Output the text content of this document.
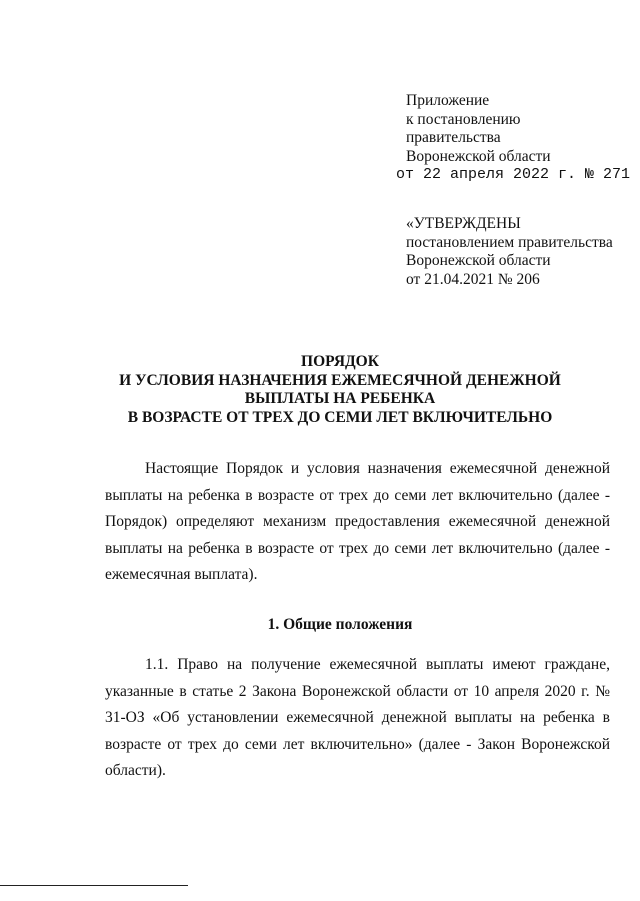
Приложение
к постановлению
правительства
Воронежской области
от 22 апреля 2022 г. № 271
«УТВЕРЖДЕНЫ
постановлением правительства
Воронежской области
от 21.04.2021 № 206
ПОРЯДОК
И УСЛОВИЯ НАЗНАЧЕНИЯ ЕЖЕМЕСЯЧНОЙ ДЕНЕЖНОЙ
ВЫПЛАТЫ НА РЕБЕНКА
В ВОЗРАСТЕ ОТ ТРЕХ ДО СЕМИ ЛЕТ ВКЛЮЧИТЕЛЬНО

Настоящие Порядок и условия назначения ежемесячной денежной выплаты на ребенка в возрасте от трех до семи лет включительно (далее - Порядок) определяют механизм предоставления ежемесячной денежной выплаты на ребенка в возрасте от трех до семи лет включительно (далее - ежемесячная выплата).

1. Общие положения

1.1. Право на получение ежемесячной выплаты имеют граждане, указанные в статье 2 Закона Воронежской области от 10 апреля 2020 г. № 31-ОЗ «Об установлении ежемесячной денежной выплаты на ребенка в возрасте от трех до семи лет включительно» (далее - Закон Воронежской области).
